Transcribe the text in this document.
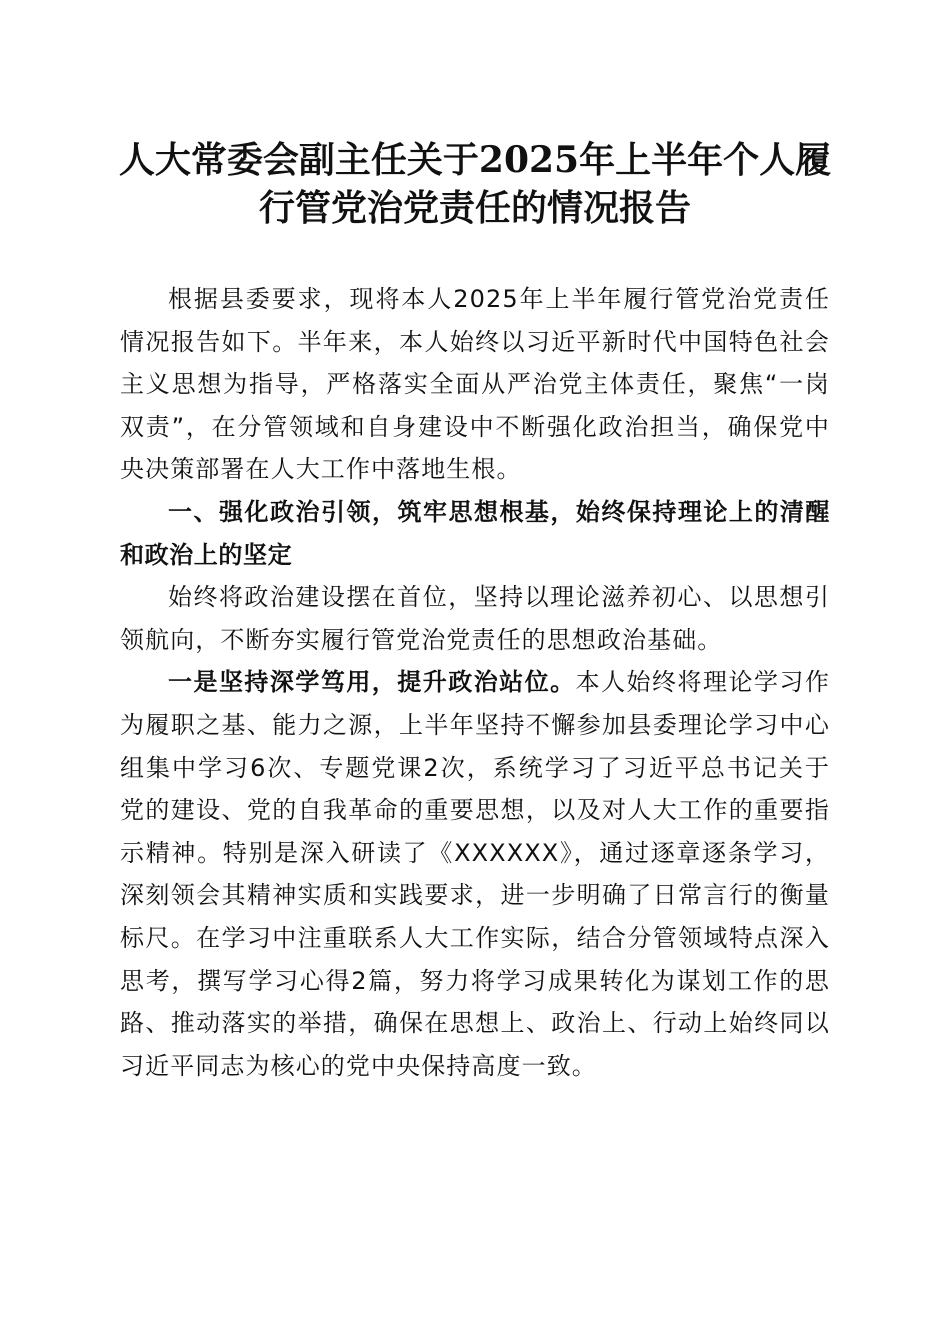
人大常委会副主任关于2025年上半年个人履
行管党治党责任的情况报告

根据县委要求，现将本人2025年上半年履行管党治党责任情况报告如下。半年来，本人始终以习近平新时代中国特色社会主义思想为指导，严格落实全面从严治党主体责任，聚焦“一岗双责”，在分管领域和自身建设中不断强化政治担当，确保党中央决策部署在人大工作中落地生根。

一、强化政治引领，筑牢思想根基，始终保持理论上的清醒和政治上的坚定

始终将政治建设摆在首位，坚持以理论滋养初心、以思想引领航向，不断夯实履行管党治党责任的思想政治基础。

一是坚持深学笃用，提升政治站位。本人始终将理论学习作为履职之基、能力之源，上半年坚持不懈参加县委理论学习中心组集中学习6次、专题党课2次，系统学习了习近平总书记关于党的建设、党的自我革命的重要思想，以及对人大工作的重要指示精神。特别是深入研读了《XXXXXX》，通过逐章逐条学习，深刻领会其精神实质和实践要求，进一步明确了日常言行的衡量标尺。在学习中注重联系人大工作实际，结合分管领域特点深入思考，撰写学习心得2篇，努力将学习成果转化为谋划工作的思路、推动落实的举措，确保在思想上、政治上、行动上始终同以习近平同志为核心的党中央保持高度一致。
